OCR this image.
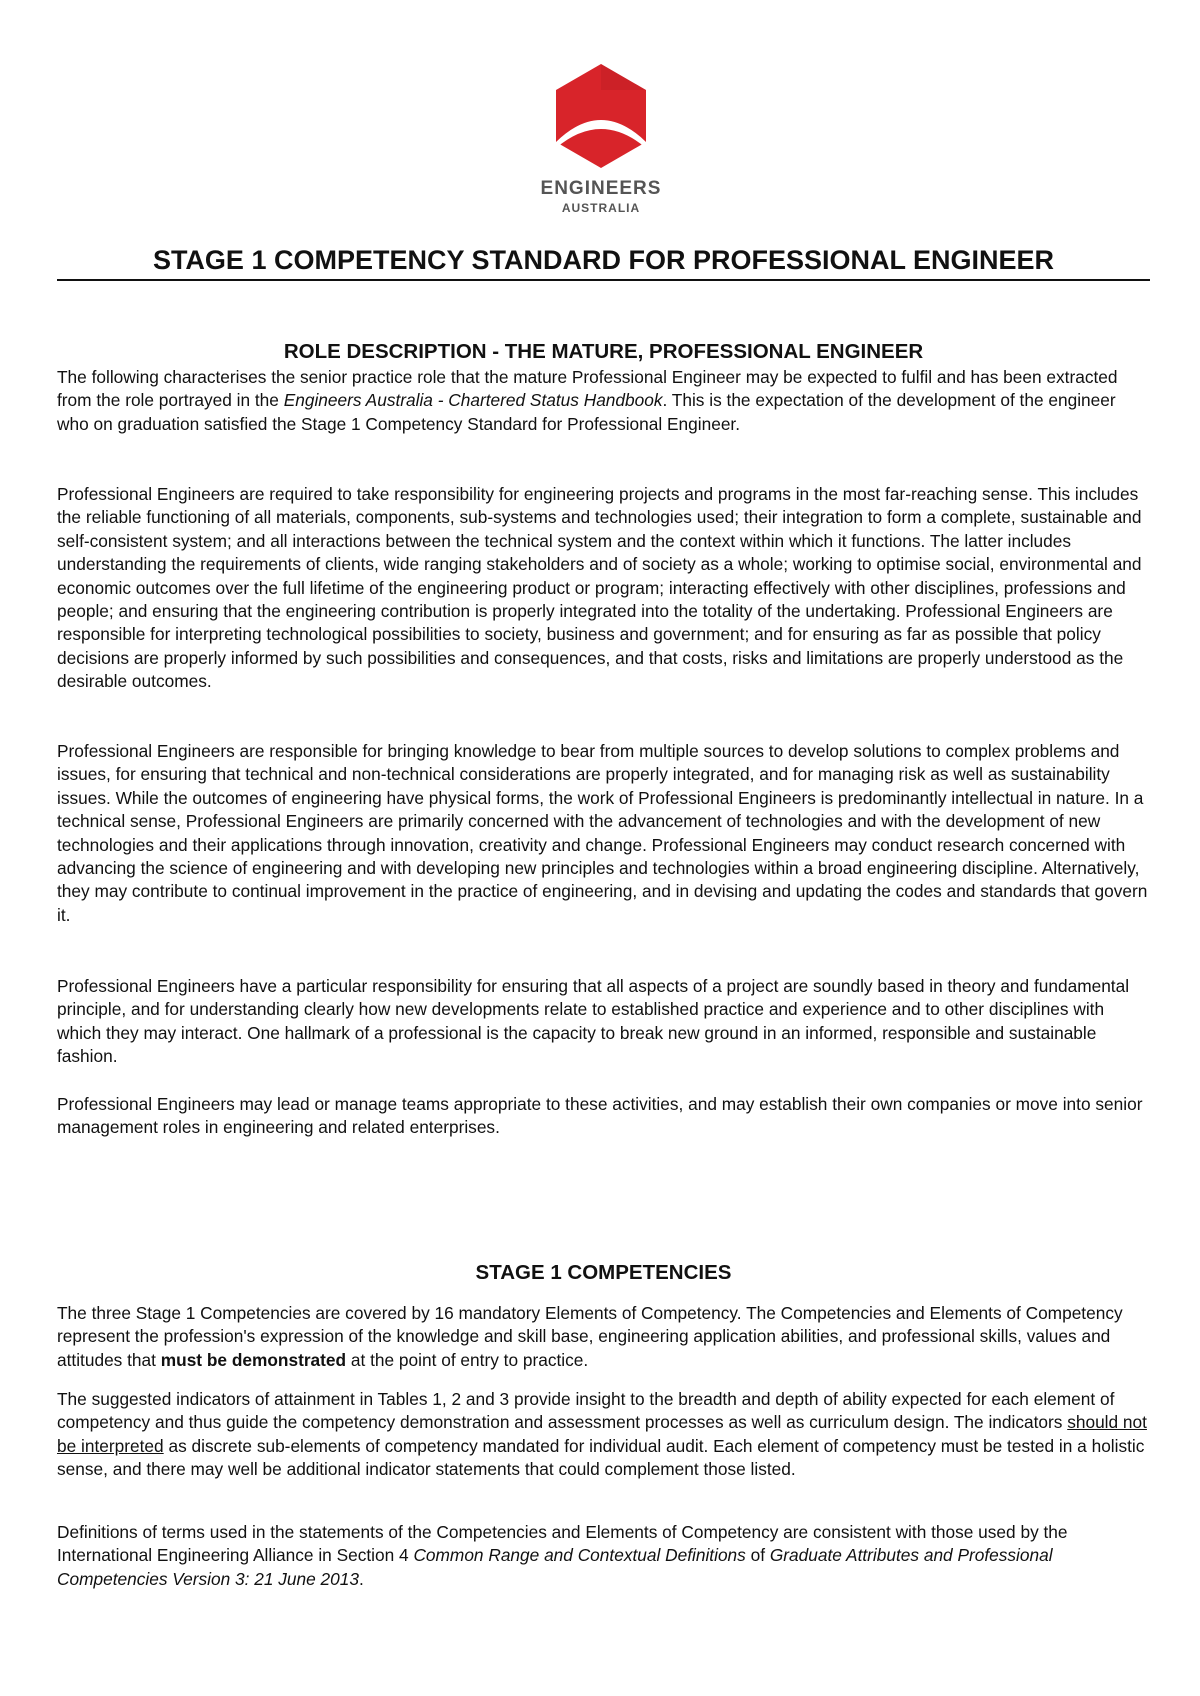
ENGINEERS
AUSTRALIA
STAGE 1 COMPETENCY STANDARD FOR PROFESSIONAL ENGINEER
ROLE DESCRIPTION - THE MATURE, PROFESSIONAL ENGINEER

The following characterises the senior practice role that the mature Professional Engineer may be expected to fulfil and has been extracted from the role portrayed in the Engineers Australia - Chartered Status Handbook. This is the expectation of the development of the engineer who on graduation satisfied the Stage 1 Competency Standard for Professional Engineer.

Professional Engineers are required to take responsibility for engineering projects and programs in the most far-reaching sense. This includes the reliable functioning of all materials, components, sub-systems and technologies used; their integration to form a complete, sustainable and self-consistent system; and all interactions between the technical system and the context within which it functions. The latter includes understanding the requirements of clients, wide ranging stakeholders and of society as a whole; working to optimise social, environmental and economic outcomes over the full lifetime of the engineering product or program; interacting effectively with other disciplines, professions and people; and ensuring that the engineering contribution is properly integrated into the totality of the undertaking. Professional Engineers are responsible for interpreting technological possibilities to society, business and government; and for ensuring as far as possible that policy decisions are properly informed by such possibilities and consequences, and that costs, risks and limitations are properly understood as the desirable outcomes.

Professional Engineers are responsible for bringing knowledge to bear from multiple sources to develop solutions to complex problems and issues, for ensuring that technical and non-technical considerations are properly integrated, and for managing risk as well as sustainability issues. While the outcomes of engineering have physical forms, the work of Professional Engineers is predominantly intellectual in nature. In a technical sense, Professional Engineers are primarily concerned with the advancement of technologies and with the development of new technologies and their applications through innovation, creativity and change. Professional Engineers may conduct research concerned with advancing the science of engineering and with developing new principles and technologies within a broad engineering discipline. Alternatively, they may contribute to continual improvement in the practice of engineering, and in devising and updating the codes and standards that govern it.

Professional Engineers have a particular responsibility for ensuring that all aspects of a project are soundly based in theory and fundamental principle, and for understanding clearly how new developments relate to established practice and experience and to other disciplines with which they may interact. One hallmark of a professional is the capacity to break new ground in an informed, responsible and sustainable fashion.

Professional Engineers may lead or manage teams appropriate to these activities, and may establish their own companies or move into senior management roles in engineering and related enterprises.

STAGE 1 COMPETENCIES

The three Stage 1 Competencies are covered by 16 mandatory Elements of Competency. The Competencies and Elements of Competency represent the profession's expression of the knowledge and skill base, engineering application abilities, and professional skills, values and attitudes that must be demonstrated at the point of entry to practice.

The suggested indicators of attainment in Tables 1, 2 and 3 provide insight to the breadth and depth of ability expected for each element of competency and thus guide the competency demonstration and assessment processes as well as curriculum design. The indicators should not be interpreted as discrete sub-elements of competency mandated for individual audit. Each element of competency must be tested in a holistic sense, and there may well be additional indicator statements that could complement those listed.

Definitions of terms used in the statements of the Competencies and Elements of Competency are consistent with those used by the International Engineering Alliance in Section 4 Common Range and Contextual Definitions of Graduate Attributes and Professional Competencies Version 3: 21 June 2013.
